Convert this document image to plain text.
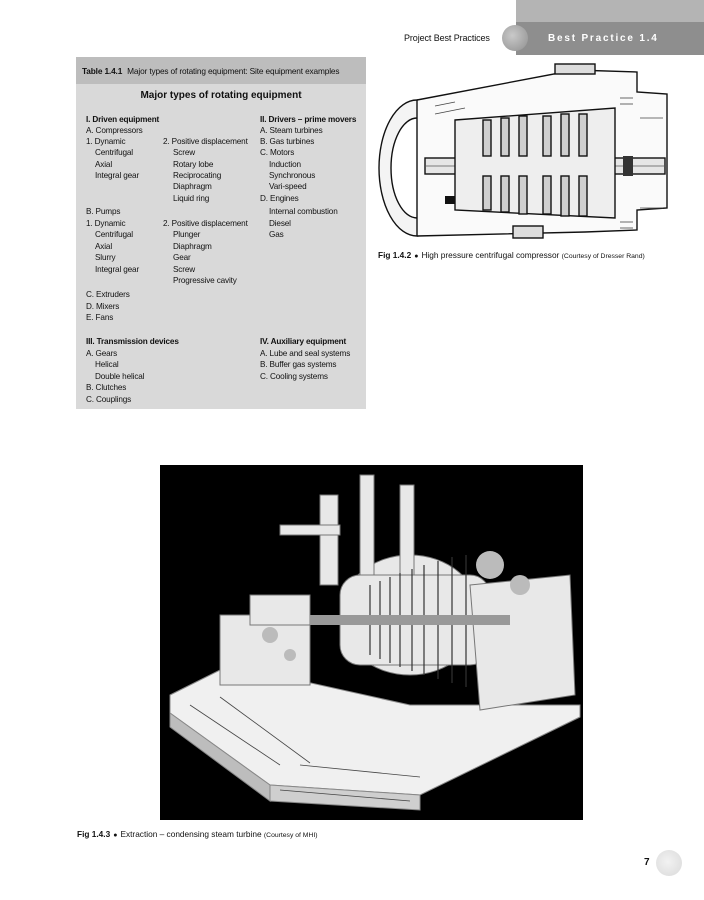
Project Best Practices	Best Practice 1.4
Table 1.4.1 Major types of rotating equipment: Site equipment examples
Major types of rotating equipment
I. Driven equipment
A. Compressors
1. Dynamic
Centrifugal
Axial
Integral gear
2. Positive displacement
Screw
Rotary lobe
Reciprocating
Diaphragm
Liquid ring
B. Pumps
1. Dynamic
Centrifugal
Axial
Slurry
Integral gear
2. Positive displacement
Plunger
Diaphragm
Gear
Screw
Progressive cavity
C. Extruders
D. Mixers
E. Fans
II. Drivers – prime movers
A. Steam turbines
B. Gas turbines
C. Motors
Induction
Synchronous
Vari-speed
D. Engines
Internal combustion
Diesel
Gas
III. Transmission devices
A. Gears
Helical
Double helical
B. Clutches
C. Couplings
IV. Auxiliary equipment
A. Lube and seal systems
B. Buffer gas systems
C. Cooling systems
Fig 1.4.2 ● High pressure centrifugal compressor (Courtesy of Dresser Rand)
Fig 1.4.3 ● Extraction – condensing steam turbine (Courtesy of MHI)
7
